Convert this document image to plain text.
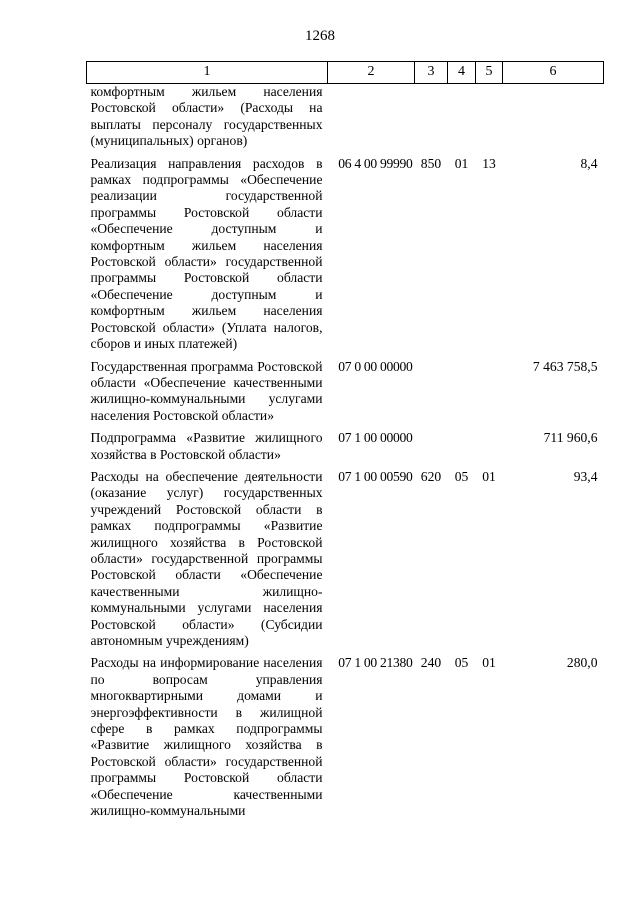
1268
1	2	3	4	5	6
комфортным жильем населения Ростовской области» (Расходы на выплаты персоналу государственных (муниципальных) органов)					
Реализация направления расходов в рамках подпрограммы «Обеспечение реализации государственной программы Ростовской области «Обеспечение доступным и комфортным жильем населения Ростовской области» государственной программы Ростовской области «Обеспечение доступным и комфортным жильем населения Ростовской области» (Уплата налогов, сборов и иных платежей)	06 4 00 99990	850	01	13	8,4
Государственная программа Ростовской области «Обеспечение качественными жилищно-коммунальными услугами населения Ростовской области»	07 0 00 00000				7 463 758,5
Подпрограмма «Развитие жилищного хозяйства в Ростовской области»	07 1 00 00000				711 960,6
Расходы на обеспечение деятельности (оказание услуг) государственных учреждений Ростовской области в рамках подпрограммы «Развитие жилищного хозяйства в Ростовской области» государственной программы Ростовской области «Обеспечение качественными жилищно-коммунальными услугами населения Ростовской области» (Субсидии автономным учреждениям)	07 1 00 00590	620	05	01	93,4
Расходы на информирование населения по вопросам управления многоквартирными домами и энергоэффективности в жилищной сфере в рамках подпрограммы «Развитие жилищного хозяйства в Ростовской области» государственной программы Ростовской области «Обеспечение качественными жилищно-коммунальными	07 1 00 21380	240	05	01	280,0
